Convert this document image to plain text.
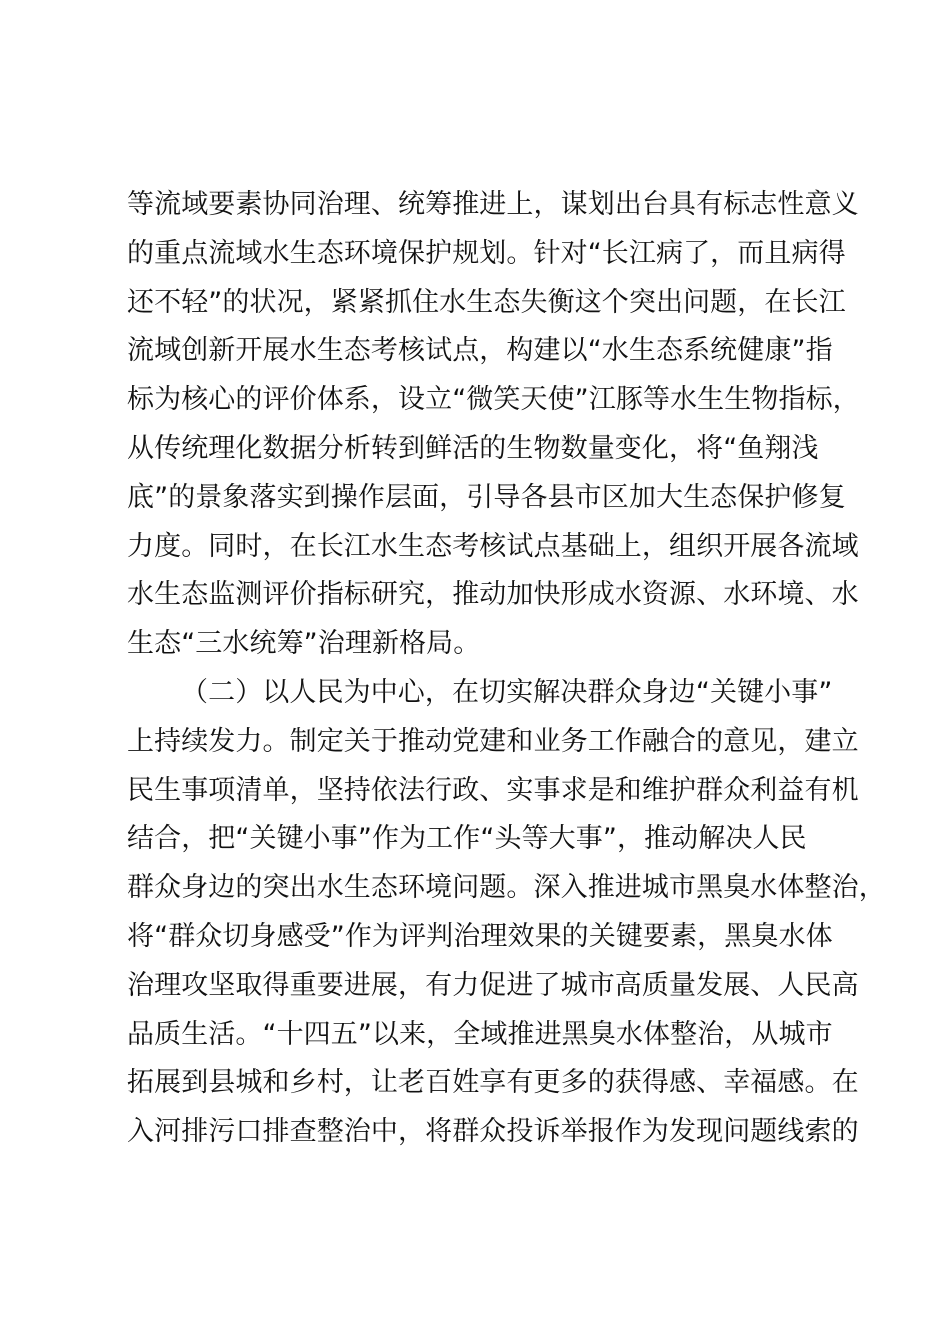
等流域要素协同治理、统筹推进上，谋划出台具有标志性意义
的重点流域水生态环境保护规划。针对“长江病了，而且病得
还不轻”的状况，紧紧抓住水生态失衡这个突出问题，在长江
流域创新开展水生态考核试点，构建以“水生态系统健康”指
标为核心的评价体系，设立“微笑天使”江豚等水生生物指标，
从传统理化数据分析转到鲜活的生物数量变化，将“鱼翔浅
底”的景象落实到操作层面，引导各县市区加大生态保护修复
力度。同时，在长江水生态考核试点基础上，组织开展各流域
水生态监测评价指标研究，推动加快形成水资源、水环境、水
生态“三水统筹”治理新格局。
（二）以人民为中心，在切实解决群众身边“关键小事”
上持续发力。制定关于推动党建和业务工作融合的意见，建立
民生事项清单，坚持依法行政、实事求是和维护群众利益有机
结合，把“关键小事”作为工作“头等大事”，推动解决人民
群众身边的突出水生态环境问题。深入推进城市黑臭水体整治，
将“群众切身感受”作为评判治理效果的关键要素，黑臭水体
治理攻坚取得重要进展，有力促进了城市高质量发展、人民高
品质生活。“十四五”以来，全域推进黑臭水体整治，从城市
拓展到县城和乡村，让老百姓享有更多的获得感、幸福感。在
入河排污口排查整治中，将群众投诉举报作为发现问题线索的
